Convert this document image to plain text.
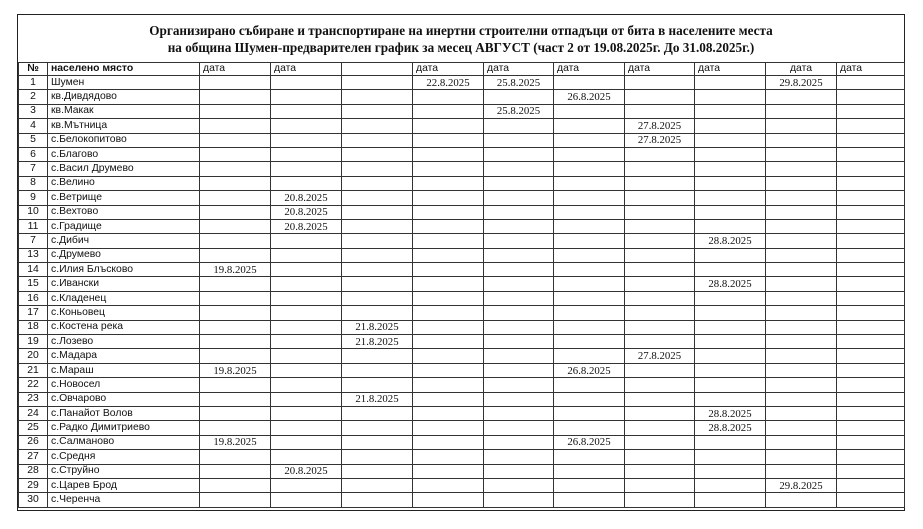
Организирано събиране и транспортиране на инертни строителни отпадъци от бита в населените места
на община Шумен-предварителен график за месец АВГУСТ (част 2 от 19.08.2025г. До 31.08.2025г.)
№	населено място	дата	дата		дата	дата	дата	дата	дата	дата	дата
1	Шумен				22.8.2025	25.8.2025				29.8.2025	
2	кв.Дивдядово						26.8.2025				
3	кв.Макак					25.8.2025					
4	кв.Мътница							27.8.2025			
5	с.Белокопитово							27.8.2025			
6	с.Благово										
7	с.Васил Друмево										
8	с.Велино										
9	с.Ветрище		20.8.2025								
10	с.Вехтово		20.8.2025								
11	с.Градище		20.8.2025								
7	с.Дибич								28.8.2025		
13	с.Друмево										
14	с.Илия Блъсково	19.8.2025									
15	с.Ивански								28.8.2025		
16	с.Кладенец										
17	с.Коньовец										
18	с.Костена река			21.8.2025							
19	с.Лозево			21.8.2025							
20	с.Мадара							27.8.2025			
21	с.Мараш	19.8.2025					26.8.2025				
22	с.Новосел										
23	с.Овчарово			21.8.2025							
24	с.Панайот Волов								28.8.2025		
25	с.Радко Димитриево								28.8.2025		
26	с.Салманово	19.8.2025					26.8.2025				
27	с.Средня										
28	с.Струйно		20.8.2025								
29	с.Царев Брод									29.8.2025	
30	с.Черенча										
